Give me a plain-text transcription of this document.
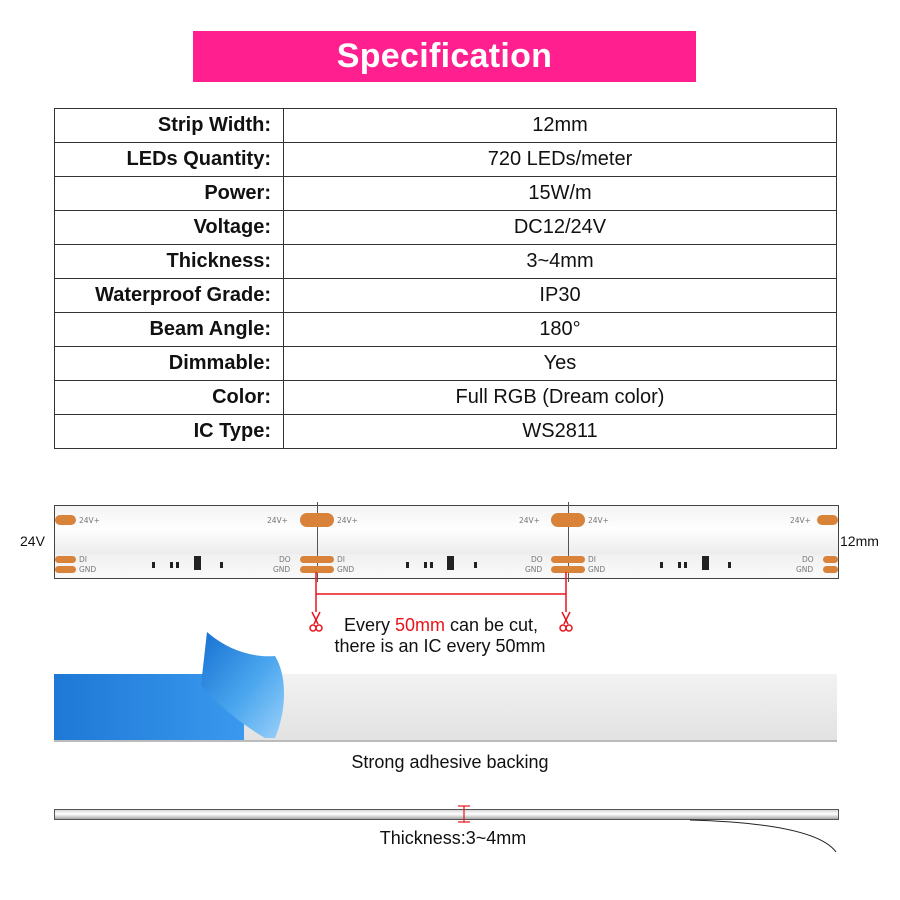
Specification
Strip Width:	12mm
LEDs Quantity:	720 LEDs/meter
Power:	15W/m
Voltage:	DC12/24V
Thickness:	3~4mm
Waterproof Grade:	IP30
Beam Angle:	180°
Dimmable:	Yes
Color:	Full RGB (Dream color)
IC Type:	WS2811
24V	12mm
24V+
DI
GND
24V+
DO
GND
24V+
DI
GND
24V+
DO
GND
24V+
DI
GND
24V+
DO
GND
Every 50mm can be cut,
there is an IC every 50mm
Strong adhesive backing
Thickness:3~4mm
